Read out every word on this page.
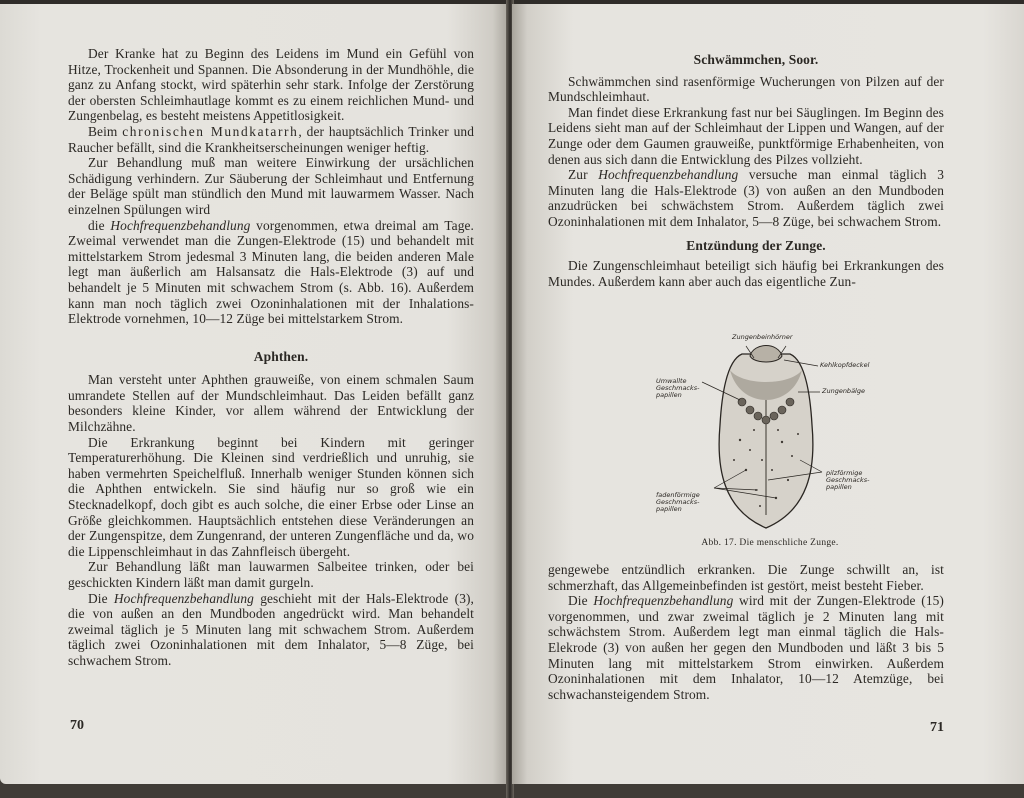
Der Kranke hat zu Beginn des Leidens im Mund ein Gefühl von Hitze, Trockenheit und Spannen. Die Absonderung in der Mundhöhle, die ganz zu Anfang stockt, wird späterhin sehr stark. Infolge der Zerstörung der obersten Schleimhautlage kommt es zu einem reichlichen Mund- und Zungenbelag, es besteht meistens Appetitlosigkeit.

Beim chronischen Mundkatarrh, der hauptsächlich Trinker und Raucher befällt, sind die Krankheitserscheinungen weniger heftig.

Zur Behandlung muß man weitere Einwirkung der ursächlichen Schädigung verhindern. Zur Säuberung der Schleimhaut und Entfernung der Beläge spült man stündlich den Mund mit lauwarmem Wasser. Nach einzelnen Spülungen wird

die Hochfrequenzbehandlung vorgenommen, etwa dreimal am Tage. Zweimal verwendet man die Zungen-Elektrode (15) und behandelt mit mittelstarkem Strom jedesmal 3 Minuten lang, die beiden anderen Male legt man äußerlich am Halsansatz die Hals-Elektrode (3) auf und behandelt je 5 Minuten mit schwachem Strom (s. Abb. 16). Außerdem kann man noch täglich zwei Ozoninhalationen mit der Inhalations-Elektrode vornehmen, 10—12 Züge bei mittelstarkem Strom.

Aphthen.

Man versteht unter Aphthen grauweiße, von einem schmalen Saum umrandete Stellen auf der Mundschleimhaut. Das Leiden befällt ganz besonders kleine Kinder, vor allem während der Entwicklung der Milchzähne.

Die Erkrankung beginnt bei Kindern mit geringer Temperaturerhöhung. Die Kleinen sind verdrießlich und unruhig, sie haben vermehrten Speichelfluß. Innerhalb weniger Stunden können sich die Aphthen entwickeln. Sie sind häufig nur so groß wie ein Stecknadelkopf, doch gibt es auch solche, die einer Erbse oder Linse an Größe gleichkommen. Hauptsächlich entstehen diese Veränderungen an der Zungenspitze, dem Zungenrand, der unteren Zungenfläche und da, wo die Lippenschleimhaut in das Zahnfleisch übergeht.

Zur Behandlung läßt man lauwarmen Salbeitee trinken, oder bei geschickten Kindern läßt man damit gurgeln.

Die Hochfrequenzbehandlung geschieht mit der Hals-Elektrode (3), die von außen an den Mundboden angedrückt wird. Man behandelt zweimal täglich je 5 Minuten lang mit schwachem Strom. Außerdem täglich zwei Ozoninhalationen mit dem Inhalator, 5—8 Züge, bei schwachem Strom.

70

Schwämmchen, Soor.

Schwämmchen sind rasenförmige Wucherungen von Pilzen auf der Mundschleimhaut.

Man findet diese Erkrankung fast nur bei Säuglingen. Im Beginn des Leidens sieht man auf der Schleimhaut der Lippen und Wangen, auf der Zunge oder dem Gaumen grauweiße, punktförmige Erhabenheiten, von denen aus sich dann die Entwicklung des Pilzes vollzieht.

Zur Hochfrequenzbehandlung versuche man einmal täglich 3 Minuten lang die Hals-Elektrode (3) von außen an den Mundboden anzudrücken bei schwächstem Strom. Außerdem täglich zwei Ozoninhalationen mit dem Inhalator, 5—8 Züge, bei schwachem Strom.

Entzündung der Zunge.

Die Zungenschleimhaut beteiligt sich häufig bei Erkrankungen des Mundes. Außerdem kann aber auch das eigentliche Zun-

Zungenbeinhörner
Kehlkopfdeckel
Umwallte Geschmacks-papillen	Zungenbälge
pilzförmige Geschmacks-papillen
fadenförmige Geschmacks-papillen
Abb. 17. Die menschliche Zunge.

gengewebe entzündlich erkranken. Die Zunge schwillt an, ist schmerzhaft, das Allgemeinbefinden ist gestört, meist besteht Fieber.

Die Hochfrequenzbehandlung wird mit der Zungen-Elektrode (15) vorgenommen, und zwar zweimal täglich je 2 Minuten lang mit schwächstem Strom. Außerdem legt man einmal täglich die Hals-Elekrode (3) von außen her gegen den Mundboden und läßt 3 bis 5 Minuten lang mit mittelstarkem Strom einwirken. Außerdem Ozoninhalationen mit dem Inhalator, 10—12 Atemzüge, bei schwachansteigendem Strom.

71
